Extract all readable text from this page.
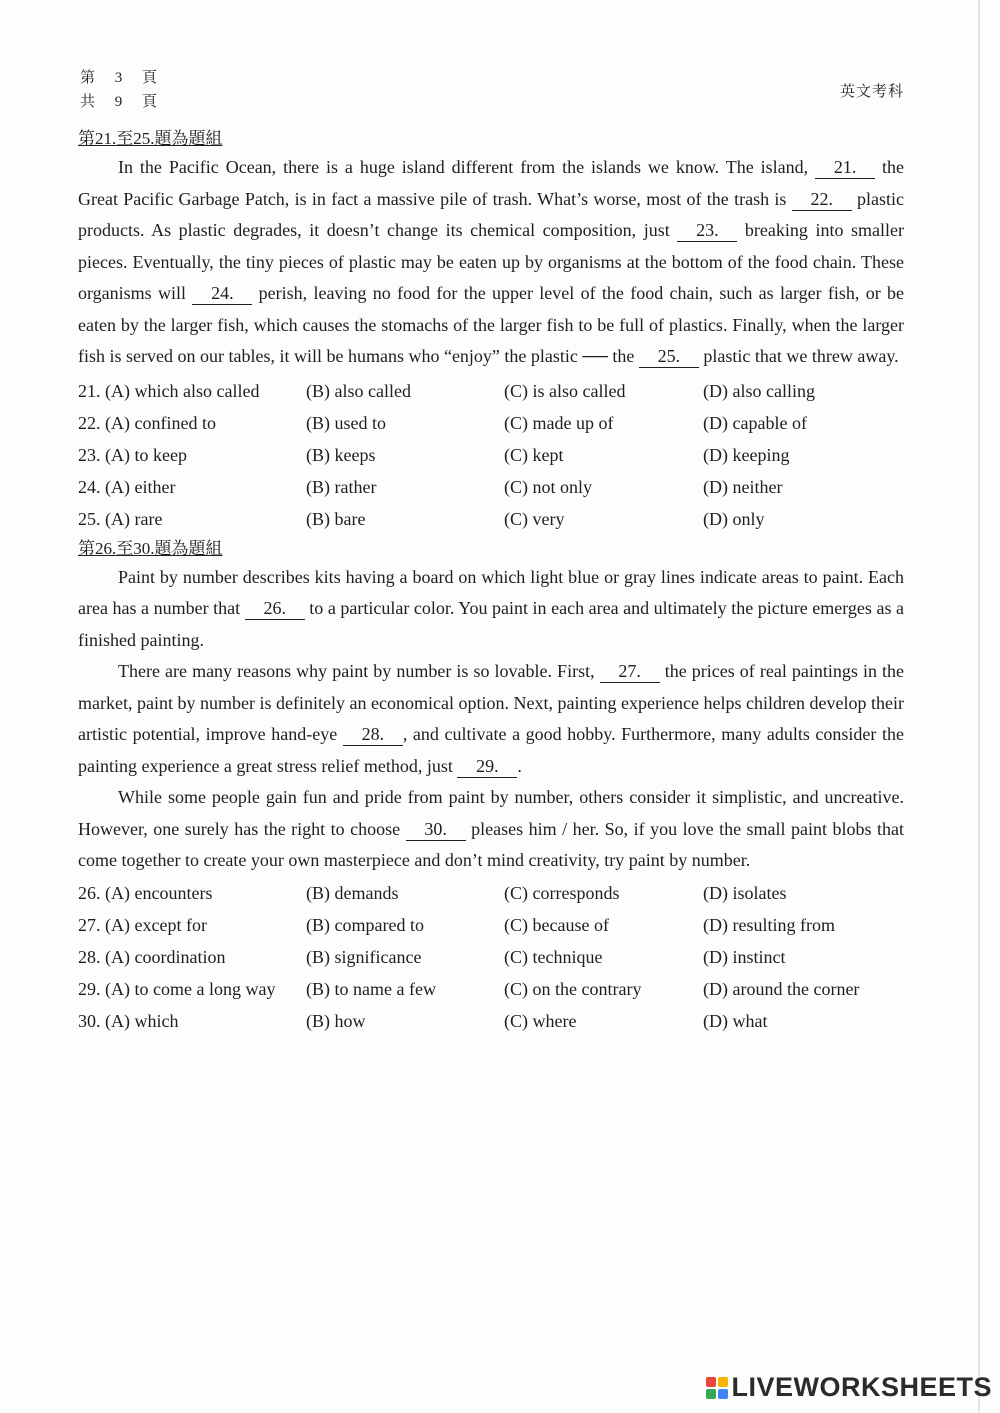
第 3 頁
共 9 頁
英文考科
第21.至25.題為題組

In the Pacific Ocean, there is a huge island different from the islands we know. The island, 21. the Great Pacific Garbage Patch, is in fact a massive pile of trash. What’s worse, most of the trash is 22. plastic products. As plastic degrades, it doesn’t change its chemical composition, just 23. breaking into smaller pieces. Eventually, the tiny pieces of plastic may be eaten up by organisms at the bottom of the food chain. These organisms will 24. perish, leaving no food for the upper level of the food chain, such as larger fish, or be eaten by the larger fish, which causes the stomachs of the larger fish to be full of plastics. Finally, when the larger fish is served on our tables, it will be humans who “enjoy” the plastic ── the 25. plastic that we threw away.

21. (A) which also called	(B) also called	(C) is also called	(D) also calling
22. (A) confined to	(B) used to	(C) made up of	(D) capable of
23. (A) to keep	(B) keeps	(C) kept	(D) keeping
24. (A) either	(B) rather	(C) not only	(D) neither
25. (A) rare	(B) bare	(C) very	(D) only
第26.至30.題為題組

Paint by number describes kits having a board on which light blue or gray lines indicate areas to paint. Each area has a number that 26. to a particular color. You paint in each area and ultimately the picture emerges as a finished painting.

There are many reasons why paint by number is so lovable. First, 27. the prices of real paintings in the market, paint by number is definitely an economical option. Next, painting experience helps children develop their artistic potential, improve hand-eye 28. , and cultivate a good hobby. Furthermore, many adults consider the painting experience a great stress relief method, just 29. .

While some people gain fun and pride from paint by number, others consider it simplistic, and uncreative. However, one surely has the right to choose 30. pleases him / her. So, if you love the small paint blobs that come together to create your own masterpiece and don’t mind creativity, try paint by number.

26. (A) encounters	(B) demands	(C) corresponds	(D) isolates
27. (A) except for	(B) compared to	(C) because of	(D) resulting from
28. (A) coordination	(B) significance	(C) technique	(D) instinct
29. (A) to come a long way	(B) to name a few	(C) on the contrary	(D) around the corner
30. (A) which	(B) how	(C) where	(D) what
LIVEWORKSHEETS
